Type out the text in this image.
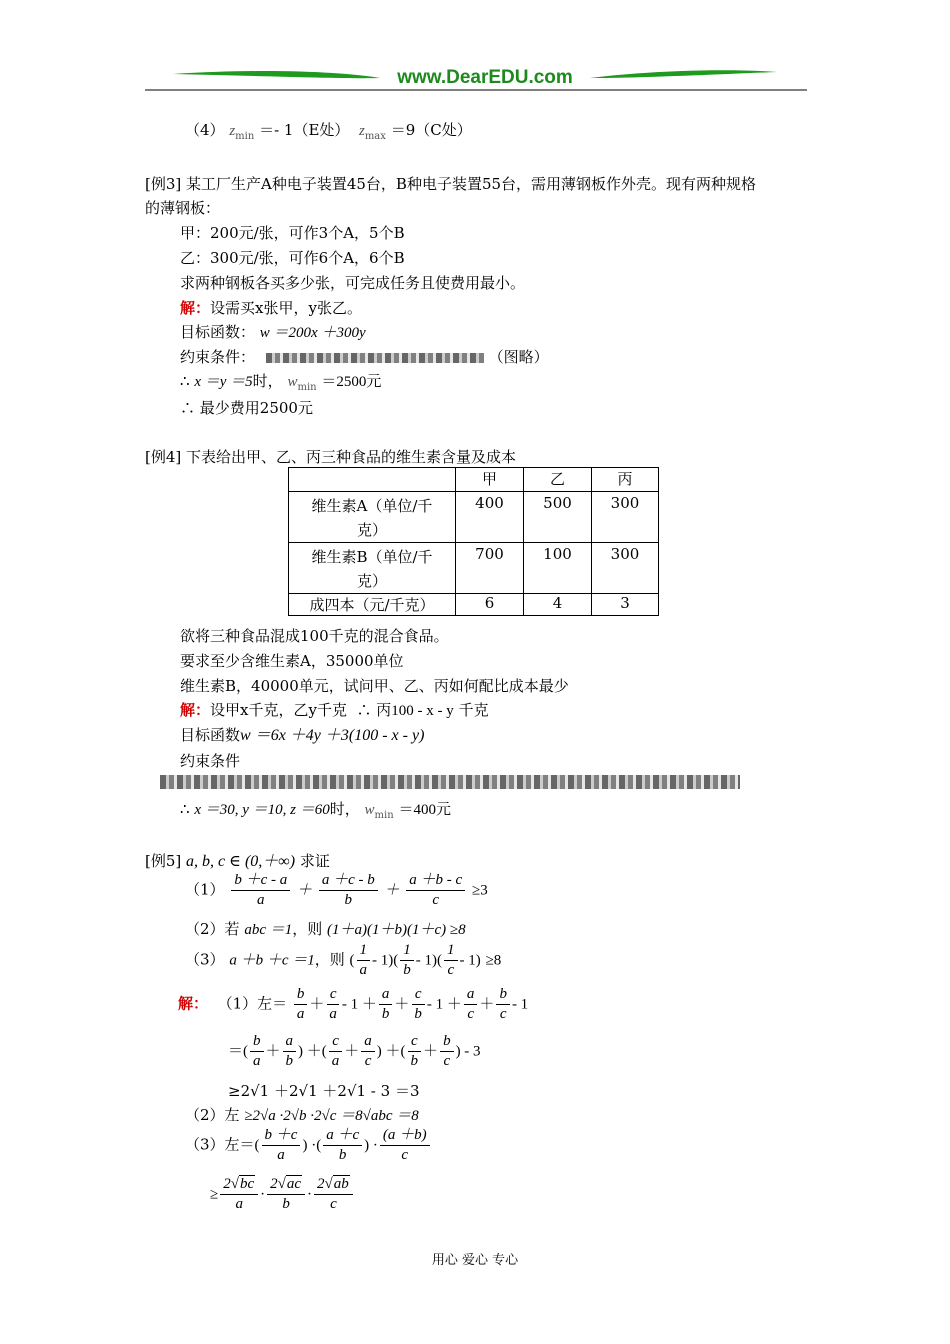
www.DearEDU.com
（4） $z_{min} =- 1(E$处） $z_{max} =9(C$处）
[例3] 某工厂生产A种电子装置45台，B种电子装置55台，需用薄钢板作外壳。现有两种规格
的薄钢板：
甲：200元/张，可作3个A，5个B
乙：300元/张，可作6个A，6个B
求两种钢板各买多少张，可完成任务且使费用最小。
解：设需买x张甲，y张乙。
目标函数： w ＝200x ＋300y
约束条件：	（图略）
∴ x ＝y ＝5时， $w_{min} =2500$元
∴ 最少费用2500元
[例4] 下表给出甲、乙、丙三种食品的维生素含量及成本
	甲	乙	丙
维生素A（单位/千克）	400	500	300
维生素B（单位/千克）	700	100	300
成四本（元/千克）	6	4	3
欲将三种食品混成100千克的混合食品。
要求至少含维生素A，35000单位
维生素B，40000单元，试问甲、乙、丙如何配比成本最少
解：设甲x千克，乙y千克 ∴ 丙100 - x - y 千克
目标函数w ＝6x ＋4y ＋3(100 - x - y)
约束条件
∴ x ＝30, y ＝10, z ＝60时， $w_{min} =400$元
[例5] a, b, c ∈ (0,＋∞) 求证
$(1) \frac{b +c - a}{a} + \frac{a +c - b}{b} + \frac{a +b - c}{c} \ge 3$
（2）若 abc ＝1，则 (1＋a)(1＋b)(1＋c) ≥8
（3） a ＋b ＋c ＝1，则 ( $\frac{1}{a} - 1)( \frac{1}{b} - 1)( \frac{1}{c} - 1) \ge 8$
解： （1）左＝ $\frac{b}{a} + \frac{c}{a} - 1 + \frac{a}{b} + \frac{c}{b} - 1 + \frac{a}{c} + \frac{b}{c} - 1$
＝( $\frac{b}{a} + \frac{a}{b}$ ) ＋( $\frac{c}{a} + \frac{a}{c}$ ) ＋( $\frac{c}{b} + \frac{b}{c}$ ) - 3
≥2√1 ＋2√1 ＋2√1 - 3 ＝3
（2）左 ≥2√a ·2√b ·2√c ＝8√abc ＝8
（3）左＝( $\frac{b +c}{a}$ ) ·( $\frac{a +c}{b}$ ) · $\frac{(a +b)}{c}$
≥ $\frac{2√bc}{a} \cdot \frac{2√ac}{b} \cdot \frac{2√ab}{c}$
用心 爱心 专心
